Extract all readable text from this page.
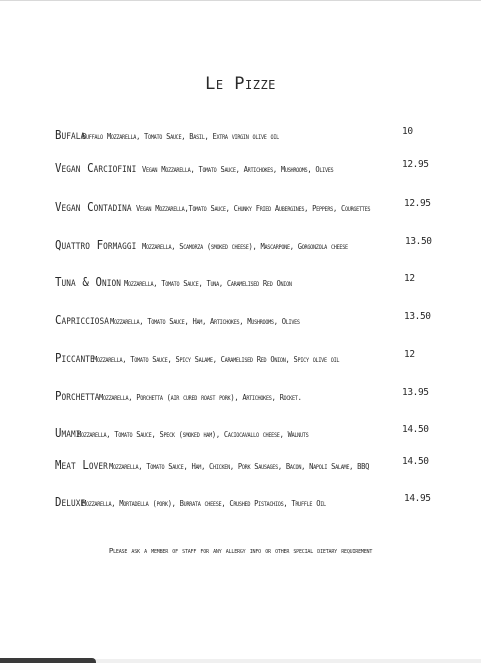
Le Pizze
BufalaBuffalo Mozzarella, Tomato Sauce, Basil, Extra virgin olive oil	10
Vegan CarciofiniVegan Mozzarella, Tomato Sauce, Artichokes, Mushrooms, Olives	12.95
Vegan ContadinaVegan Mozzarella,Tomato Sauce, Chunky Fried Aubergines, Peppers, Courgettes	12.95
Quattro FormaggiMozzarella, Scamorza (smoked cheese), Mascarpone, Gorgonzola cheese	13.50
Tuna & OnionMozzarella, Tomato Sauce, Tuna, Caramelised Red Onion	12
CapricciosaMozzarella, Tomato Sauce, Ham, Artichokes, Mushrooms, Olives	13.50
PiccanteMozzarella, Tomato Sauce, Spicy Salame, Caramelised Red Onion, Spicy olive oil	12
PorchettaMozzarella, Porchetta (air cured roast pork), Artichokes, Rocket.	13.95
UmamiMozzarella, Tomato Sauce, Speck (smoked ham), Caciocavallo cheese, Walnuts	14.50
Meat LoverMozzarella, Tomato Sauce, Ham, Chicken, Pork Sausages, Bacon, Napoli Salame, BBQ	14.50
DeluxeMozzarella, Mortadella (pork), Burrata cheese, Crushed Pistachios, Truffle Oil	14.95
Please ask a member of staff for any allergy info or other special dietary requirement
